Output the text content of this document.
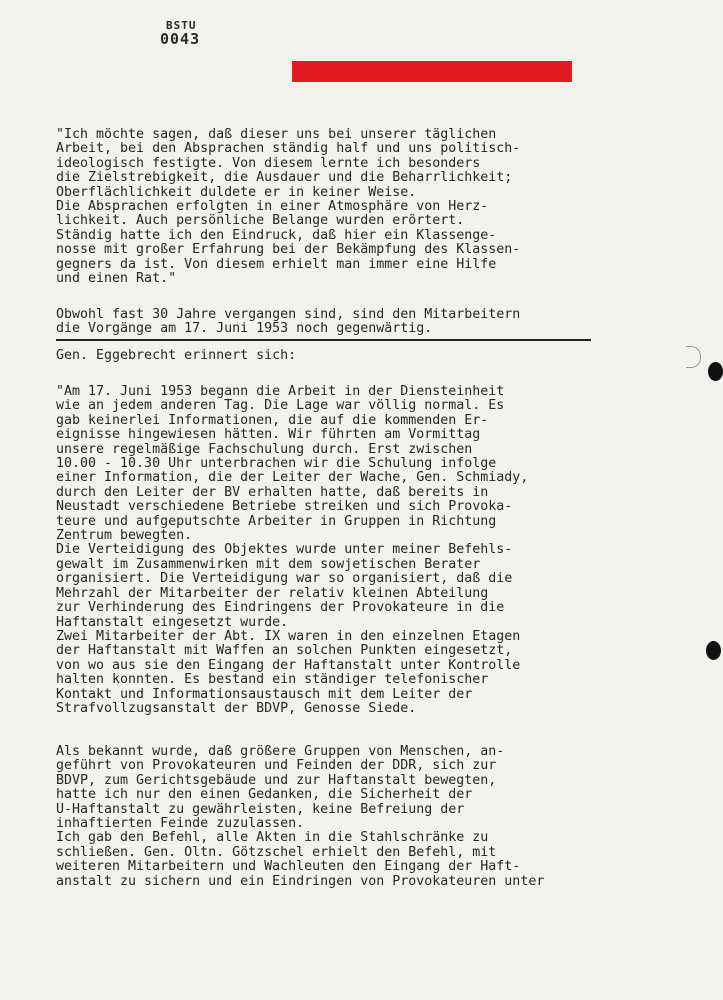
BSTU
0043
"Ich möchte sagen, daß dieser uns bei unserer täglichen
Arbeit, bei den Absprachen ständig half und uns politisch-
ideologisch festigte. Von diesem lernte ich besonders
die Zielstrebigkeit, die Ausdauer und die Beharrlichkeit;
Oberflächlichkeit duldete er in keiner Weise.
Die Absprachen erfolgten in einer Atmosphäre von Herz-
lichkeit. Auch persönliche Belange wurden erörtert.
Ständig hatte ich den Eindruck, daß hier ein Klassenge-
nosse mit großer Erfahrung bei der Bekämpfung des Klassen-
gegners da ist. Von diesem erhielt man immer eine Hilfe
und einen Rat."
Obwohl fast 30 Jahre vergangen sind, sind den Mitarbeitern
die Vorgänge am 17. Juni 1953 noch gegenwärtig.
Gen. Eggebrecht erinnert sich:
"Am 17. Juni 1953 begann die Arbeit in der Diensteinheit
wie an jedem anderen Tag. Die Lage war völlig normal. Es
gab keinerlei Informationen, die auf die kommenden Er-
eignisse hingewiesen hätten. Wir führten am Vormittag
unsere regelmäßige Fachschulung durch. Erst zwischen
10.00 - 10.30 Uhr unterbrachen wir die Schulung infolge
einer Information, die der Leiter der Wache, Gen. Schmiady,
durch den Leiter der BV erhalten hatte, daß bereits in
Neustadt verschiedene Betriebe streiken und sich Provoka-
teure und aufgeputschte Arbeiter in Gruppen in Richtung
Zentrum bewegten.
Die Verteidigung des Objektes wurde unter meiner Befehls-
gewalt im Zusammenwirken mit dem sowjetischen Berater
organisiert. Die Verteidigung war so organisiert, daß die
Mehrzahl der Mitarbeiter der relativ kleinen Abteilung
zur Verhinderung des Eindringens der Provokateure in die
Haftanstalt eingesetzt wurde.
Zwei Mitarbeiter der Abt. IX waren in den einzelnen Etagen
der Haftanstalt mit Waffen an solchen Punkten eingesetzt,
von wo aus sie den Eingang der Haftanstalt unter Kontrolle
halten konnten. Es bestand ein ständiger telefonischer
Kontakt und Informationsaustausch mit dem Leiter der
Strafvollzugsanstalt der BDVP, Genosse Siede.
Als bekannt wurde, daß größere Gruppen von Menschen, an-
geführt von Provokateuren und Feinden der DDR, sich zur
BDVP, zum Gerichtsgebäude und zur Haftanstalt bewegten,
hatte ich nur den einen Gedanken, die Sicherheit der
U-Haftanstalt zu gewährleisten, keine Befreiung der
inhaftierten Feinde zuzulassen.
Ich gab den Befehl, alle Akten in die Stahlschränke zu
schließen. Gen. Oltn. Götzschel erhielt den Befehl, mit
weiteren Mitarbeitern und Wachleuten den Eingang der Haft-
anstalt zu sichern und ein Eindringen von Provokateuren unter
